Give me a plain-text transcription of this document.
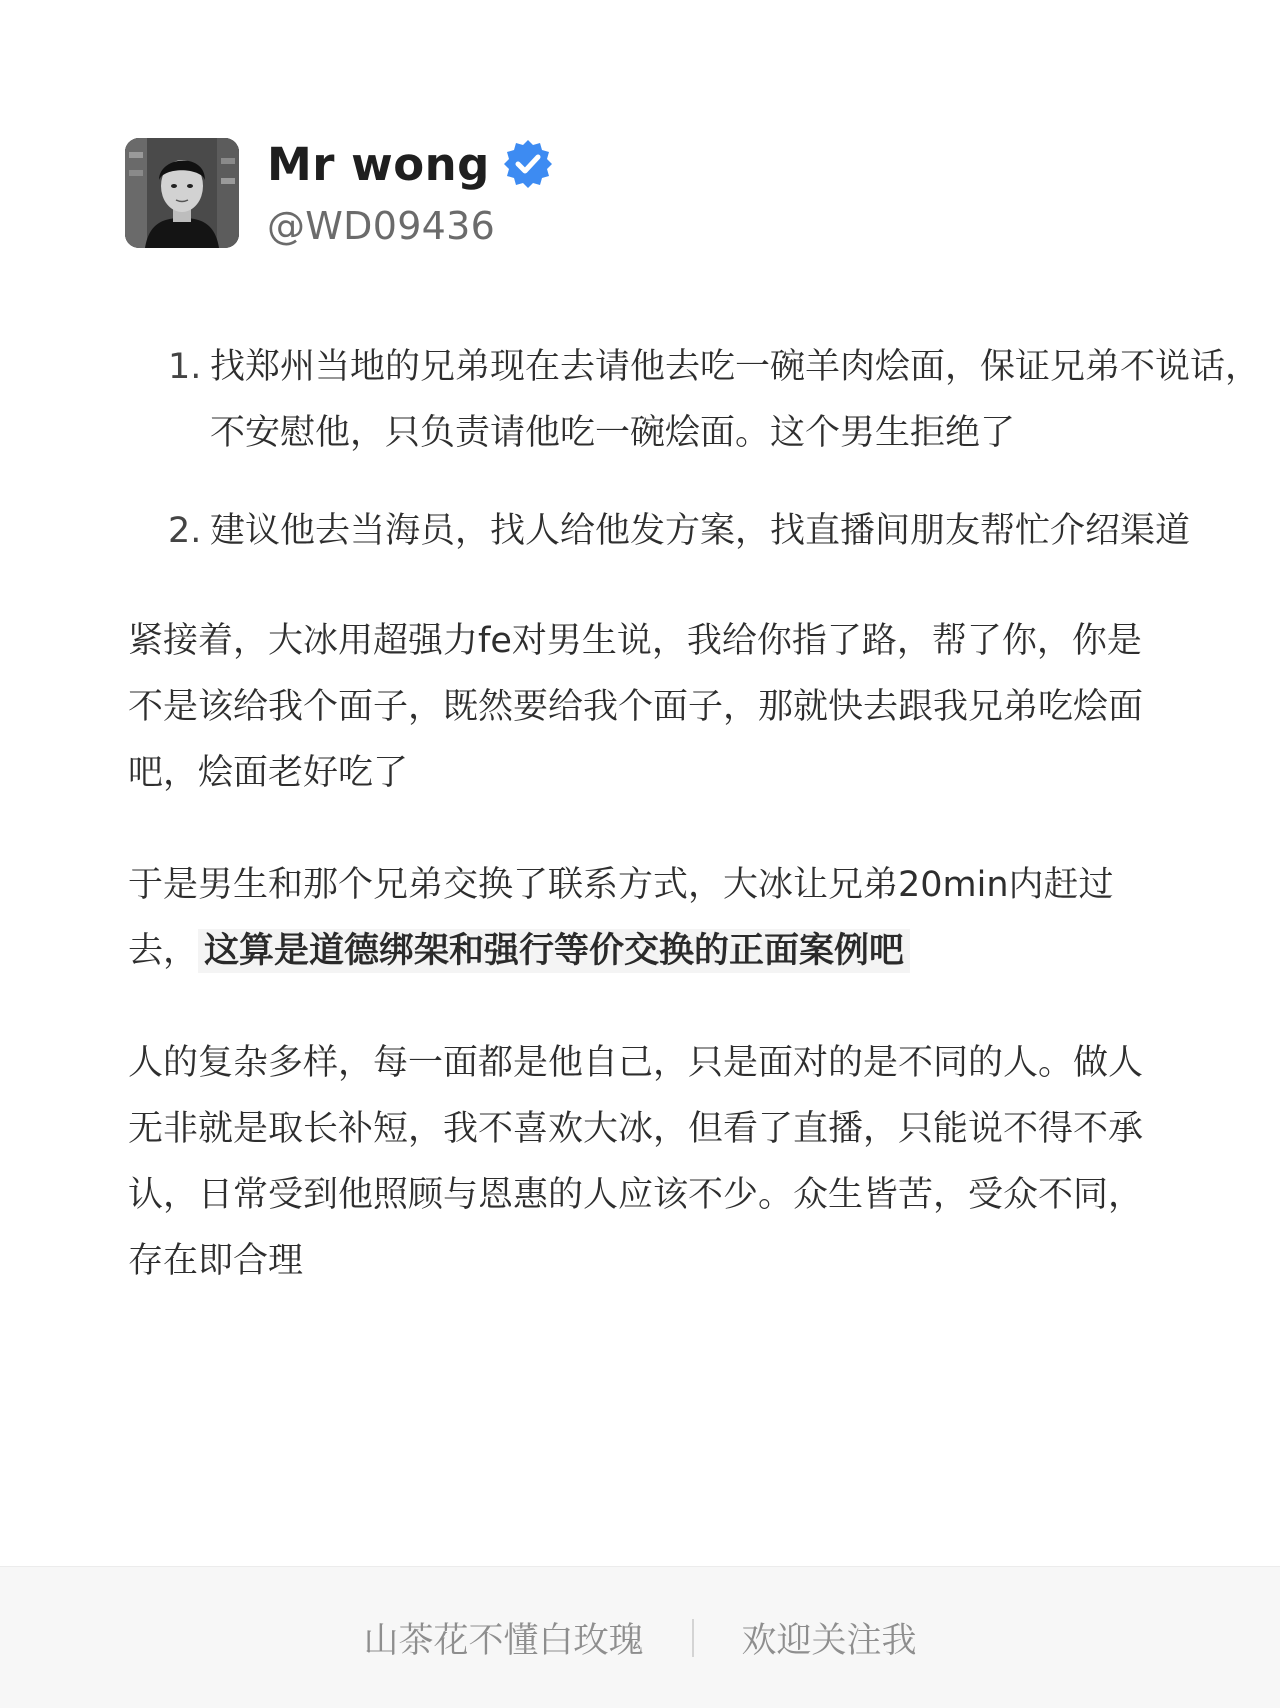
Mr wong
@WD09436
1. 找郑州当地的兄弟现在去请他去吃一碗羊肉烩面，保证兄弟不说话，不安慰他，只负责请他吃一碗烩面。这个男生拒绝了
2. 建议他去当海员，找人给他发方案，找直播间朋友帮忙介绍渠道

紧接着，大冰用超强力fe对男生说，我给你指了路，帮了你，你是不是该给我个面子，既然要给我个面子，那就快去跟我兄弟吃烩面吧，烩面老好吃了

于是男生和那个兄弟交换了联系方式，大冰让兄弟20min内赶过去， 这算是道德绑架和强行等价交换的正面案例吧

人的复杂多样，每一面都是他自己，只是面对的是不同的人。做人无非就是取长补短，我不喜欢大冰，但看了直播，只能说不得不承认，日常受到他照顾与恩惠的人应该不少。众生皆苦，受众不同，存在即合理

山茶花不懂白玫瑰	欢迎关注我
